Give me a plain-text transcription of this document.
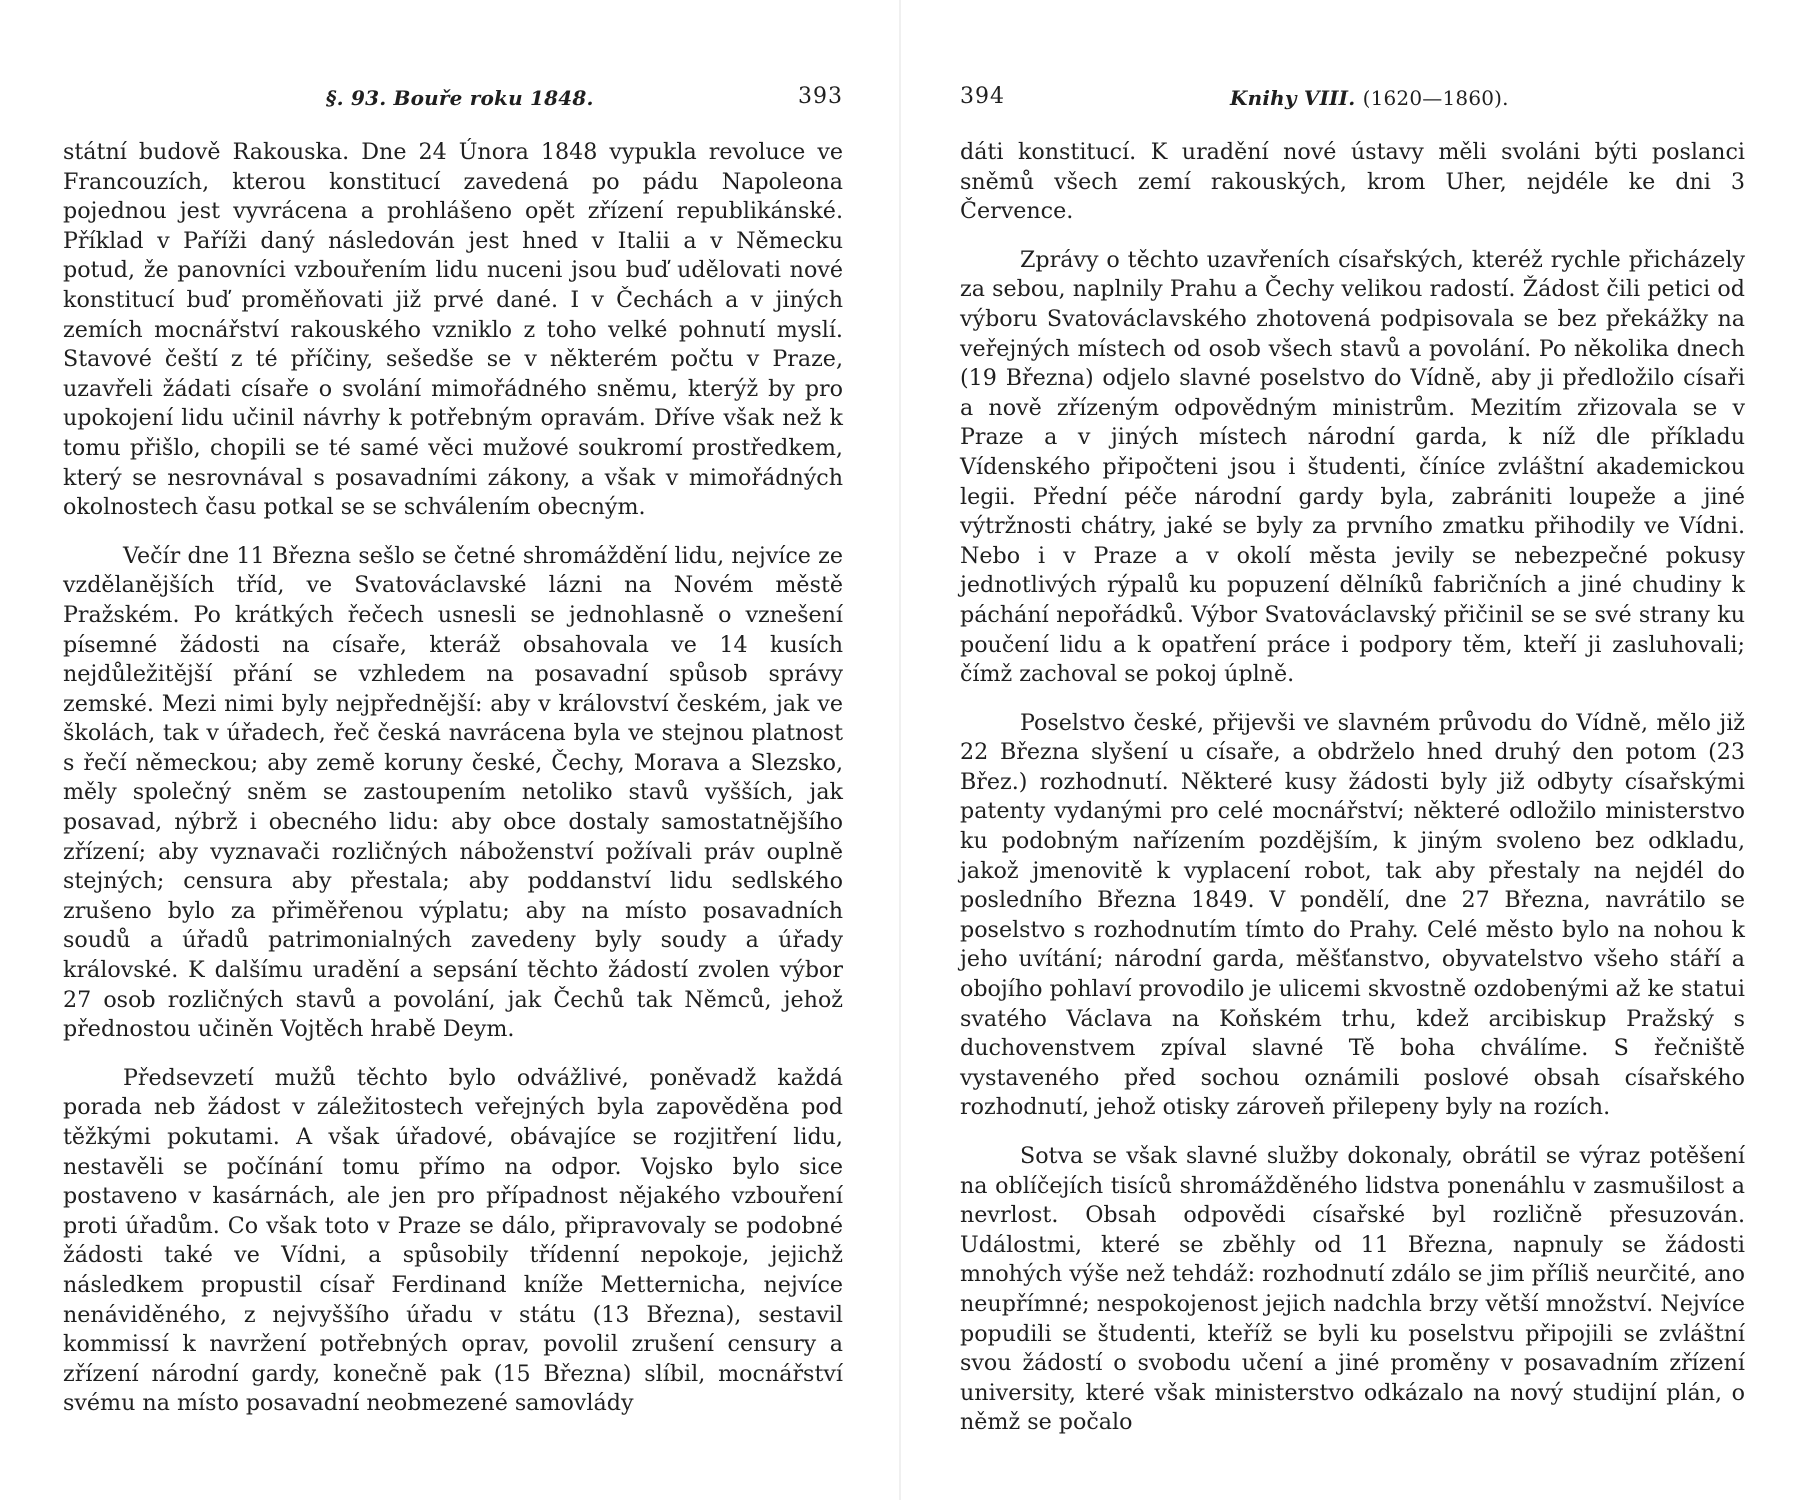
§. 93. Bouře roku 1848.	393

státní budově Rakouska. Dne 24 Února 1848 vypukla revoluce ve Francouzích, kterou konstitucí zavedená po pádu Napoleona pojednou jest vyvrácena a prohlášeno opět zřízení republikánské. Příklad v Paříži daný následován jest hned v Italii a v Německu potud, že panovníci vzbouřením lidu nuceni jsou buď udělovati nové konstitucí buď proměňovati již prvé dané. I v Čechách a v jiných zemích mocnářství rakouského vzniklo z toho velké pohnutí myslí. Stavové čeští z té příčiny, sešedše se v některém počtu v Praze, uzavřeli žádati císaře o svolání mimořádného sněmu, kterýž by pro upokojení lidu učinil návrhy k potřebným opravám. Dříve však než k tomu přišlo, chopili se té samé věci mužové soukromí prostředkem, který se nesrovnával s posavadními zákony, a však v mimořádných okolnostech času potkal se se schválením obecným.

Večír dne 11 Března sešlo se četné shromáždění lidu, nejvíce ze vzdělanějších tříd, ve Svatováclavské lázni na Novém městě Pražském. Po krátkých řečech usnesli se jednohlasně o vznešení písemné žádosti na císaře, kteráž obsahovala ve 14 kusích nejdůležitější přání se vzhledem na posavadní spůsob správy zemské. Mezi nimi byly nejpřednější: aby v království českém, jak ve školách, tak v úřadech, řeč česká navrácena byla ve stejnou platnost s řečí německou; aby země koruny české, Čechy, Morava a Slezsko, měly společný sněm se zastoupením netoliko stavů vyšších, jak posavad, nýbrž i obecného lidu: aby obce dostaly samostatnějšího zřízení; aby vyznavači rozličných náboženství požívali práv ouplně stejných; censura aby přestala; aby poddanství lidu sedlského zrušeno bylo za přiměřenou výplatu; aby na místo posavadních soudů a úřadů patrimonialných zavedeny byly soudy a úřady královské. K dalšímu uradění a sepsání těchto žádostí zvolen výbor 27 osob rozličných stavů a povolání, jak Čechů tak Němců, jehož přednostou učiněn Vojtěch hrabě Deym.

Předsevzetí mužů těchto bylo odvážlivé, poněvadž každá porada neb žádost v záležitostech veřejných byla zapověděna pod těžkými pokutami. A však úřadové, obávajíce se rozjitření lidu, nestavěli se počínání tomu přímo na odpor. Vojsko bylo sice postaveno v kasárnách, ale jen pro případnost nějakého vzbouření proti úřadům. Co však toto v Praze se dálo, připravovaly se podobné žádosti také ve Vídni, a spůsobily třídenní nepokoje, jejichž následkem propustil císař Ferdinand kníže Metternicha, nejvíce nenáviděného, z nejvyššího úřadu v státu (13 Března), sestavil kommissí k navržení potřebných oprav, povolil zrušení censury a zřízení národní gardy, konečně pak (15 Března) slíbil, mocnářství svému na místo posavadní neobmezené samovlády

394	Knihy VIII. (1620—1860).

dáti konstitucí. K uradění nové ústavy měli svoláni býti poslanci sněmů všech zemí rakouských, krom Uher, nejdéle ke dni 3 Července.

Zprávy o těchto uzavřeních císařských, kteréž rychle přicházely za sebou, naplnily Prahu a Čechy velikou radostí. Žádost čili petici od výboru Svatováclavského zhotovená podpisovala se bez překážky na veřejných místech od osob všech stavů a povolání. Po několika dnech (19 Března) odjelo slavné poselstvo do Vídně, aby ji předložilo císaři a nově zřízeným odpovědným ministrům. Mezitím zřizovala se v Praze a v jiných místech národní garda, k níž dle příkladu Vídenského připočteni jsou i študenti, číníce zvláštní akademickou legii. Přední péče národní gardy byla, zabrániti loupeže a jiné výtržnosti chátry, jaké se byly za prvního zmatku přihodily ve Vídni. Nebo i v Praze a v okolí města jevily se nebezpečné pokusy jednotlivých rýpalů ku popuzení dělníků fabričních a jiné chudiny k páchání nepořádků. Výbor Svatováclavský přičinil se se své strany ku poučení lidu a k opatření práce i podpory těm, kteří ji zasluhovali; čímž zachoval se pokoj úplně.

Poselstvo české, přijevši ve slavném průvodu do Vídně, mělo již 22 Března slyšení u císaře, a obdrželo hned druhý den potom (23 Břez.) rozhodnutí. Některé kusy žádosti byly již odbyty císařskými patenty vydanými pro celé mocnářství; některé odložilo ministerstvo ku podobným nařízením pozdějším, k jiným svoleno bez odkladu, jakož jmenovitě k vyplacení robot, tak aby přestaly na nejdél do posledního Března 1849. V pondělí, dne 27 Března, navrátilo se poselstvo s rozhodnutím tímto do Prahy. Celé město bylo na nohou k jeho uvítání; národní garda, měšťanstvo, obyvatelstvo všeho stáří a obojího pohlaví provodilo je ulicemi skvostně ozdobenými až ke statui svatého Václava na Koňském trhu, kdež arcibiskup Pražský s duchovenstvem zpíval slavné Tě boha chválíme. S řečniště vystaveného před sochou oznámili poslové obsah císařského rozhodnutí, jehož otisky zároveň přilepeny byly na rozích.

Sotva se však slavné služby dokonaly, obrátil se výraz potěšení na oblíčejích tisíců shromážděného lidstva ponenáhlu v zasmušilost a nevrlost. Obsah odpovědi císařské byl rozličně přesuzován. Událostmi, které se zběhly od 11 Března, napnuly se žádosti mnohých výše než tehdáž: rozhodnutí zdálo se jim příliš neurčité, ano neupřímné; nespokojenost jejich nadchla brzy větší množství. Nejvíce popudili se študenti, kteříž se byli ku poselstvu připojili se zvláštní svou žádostí o svobodu učení a jiné proměny v posavadním zřízení university, které však ministerstvo odkázalo na nový studijní plán, o němž se počalo
